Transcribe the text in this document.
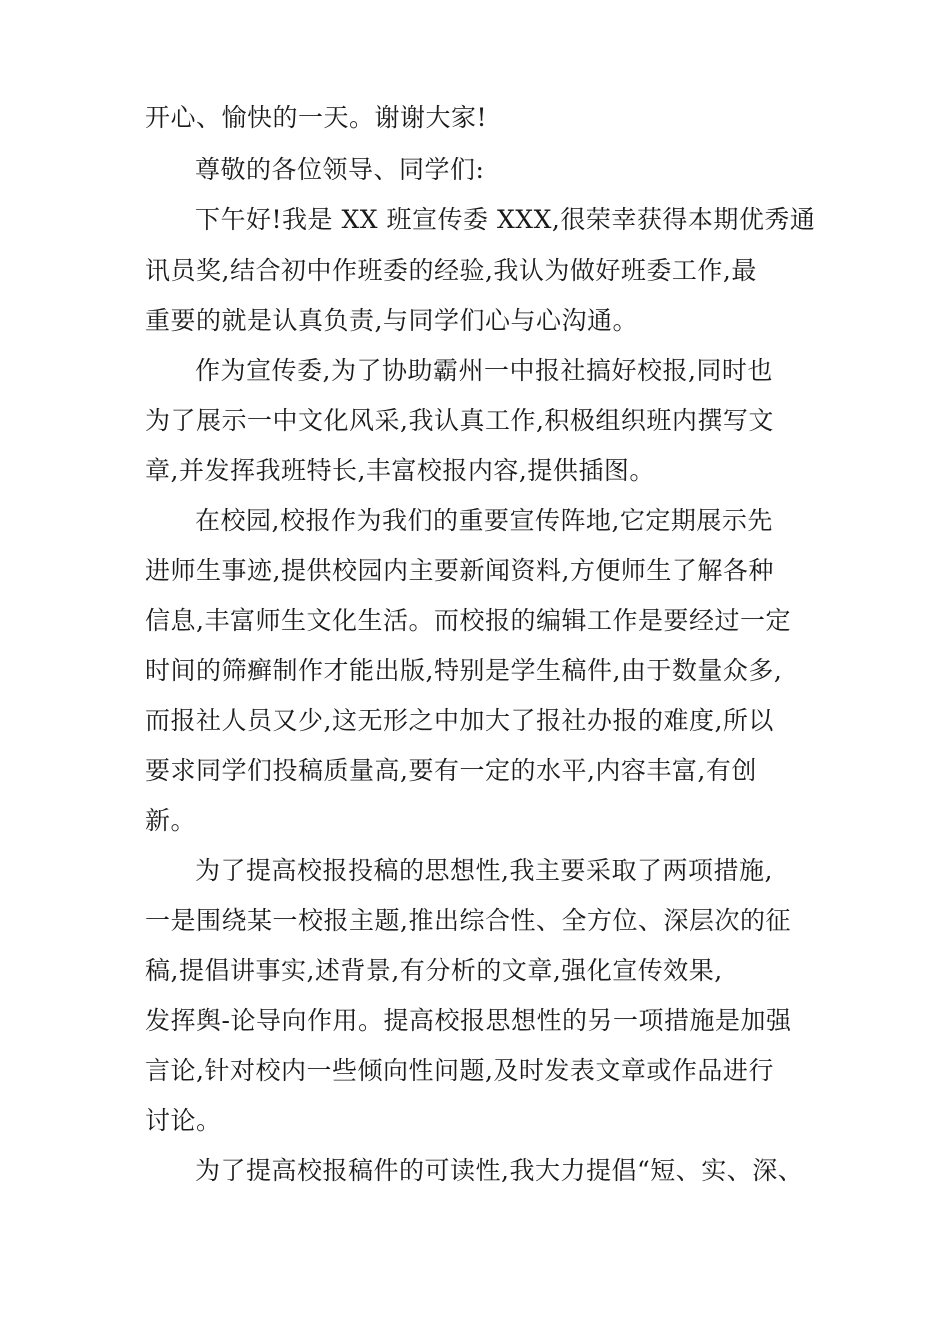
开心、愉快的一天。谢谢大家!
尊敬的各位领导、同学们:
下午好!我是 XX 班宣传委 XXX,很荣幸获得本期优秀通
讯员奖,结合初中作班委的经验,我认为做好班委工作,最
重要的就是认真负责,与同学们心与心沟通。
作为宣传委,为了协助霸州一中报社搞好校报,同时也
为了展示一中文化风采,我认真工作,积极组织班内撰写文
章,并发挥我班特长,丰富校报内容,提供插图。
在校园,校报作为我们的重要宣传阵地,它定期展示先
进师生事迹,提供校园内主要新闻资料,方便师生了解各种
信息,丰富师生文化生活。而校报的编辑工作是要经过一定
时间的筛癣制作才能出版,特别是学生稿件,由于数量众多,
而报社人员又少,这无形之中加大了报社办报的难度,所以
要求同学们投稿质量高,要有一定的水平,内容丰富,有创
新。
为了提高校报投稿的思想性,我主要采取了两项措施,
一是围绕某一校报主题,推出综合性、全方位、深层次的征
稿,提倡讲事实,述背景,有分析的文章,强化宣传效果,
发挥舆-论导向作用。提高校报思想性的另一项措施是加强
言论,针对校内一些倾向性问题,及时发表文章或作品进行
讨论。
为了提高校报稿件的可读性,我大力提倡“短、实、深、
